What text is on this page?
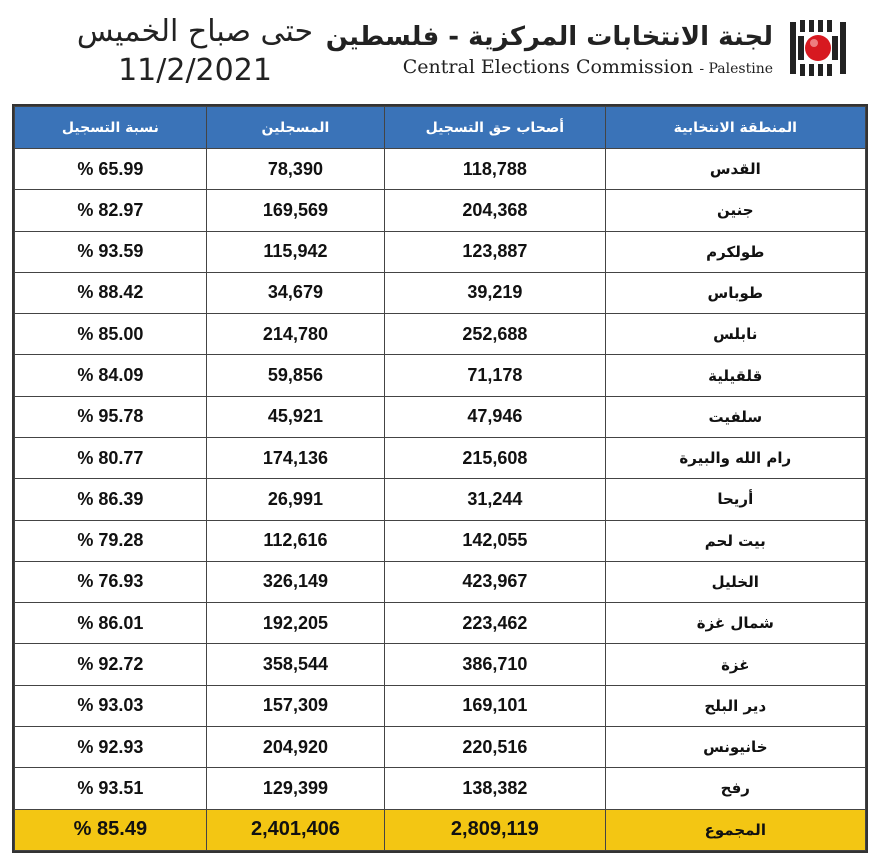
حتى صباح الخميس
11/2/2021
لجنة الانتخابات المركزية - فلسطين
Central Elections Commission - Palestine
المنطقة الانتخابية	أصحاب حق التسجيل	المسجلين	نسبة التسجيل
القدس	118,788	78,390	65.99 %
جنين	204,368	169,569	82.97 %
طولكرم	123,887	115,942	93.59 %
طوباس	39,219	34,679	88.42 %
نابلس	252,688	214,780	85.00 %
قلقيلية	71,178	59,856	84.09 %
سلفيت	47,946	45,921	95.78 %
رام الله والبيرة	215,608	174,136	80.77 %
أريحا	31,244	26,991	86.39 %
بيت لحم	142,055	112,616	79.28 %
الخليل	423,967	326,149	76.93 %
شمال غزة	223,462	192,205	86.01 %
غزة	386,710	358,544	92.72 %
دير البلح	169,101	157,309	93.03 %
خانيونس	220,516	204,920	92.93 %
رفح	138,382	129,399	93.51 %
المجموع	2,809,119	2,401,406	85.49 %
